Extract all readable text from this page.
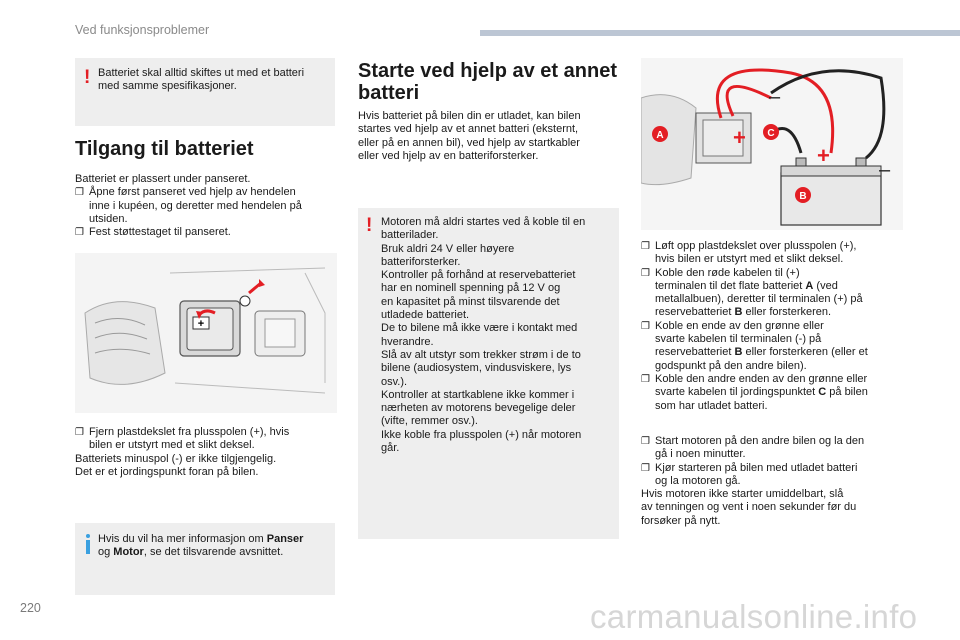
Ved funksjonsproblemer
! Batteriet skal alltid skiftes ut med et batteri
med samme spesifikasjoner.
Tilgang til batteriet
Batteriet er plassert under panseret.
❐ Åpne først panseret ved hjelp av hendelen
inne i kupéen, og deretter med hendelen på
utsiden.
❐ Fest støttestaget til panseret.
+
❐ Fjern plastdekslet fra plusspolen (+), hvis
bilen er utstyrt med et slikt deksel.
Batteriets minuspol (-) er ikke tilgjengelig.
Det er et jordingspunkt foran på bilen.
Hvis du vil ha mer informasjon om Panser
og Motor, se det tilsvarende avsnittet.
Starte ved hjelp av et annet
batteri
Hvis batteriet på bilen din er utladet, kan bilen
startes ved hjelp av et annet batteri (eksternt,
eller på en annen bil), ved hjelp av startkabler
eller ved hjelp av en batteriforsterker.
! Motoren må aldri startes ved å koble til en
batterilader.
Bruk aldri 24 V eller høyere
batteriforsterker.
Kontroller på forhånd at reservebatteriet
har en nominell spenning på 12 V og
en kapasitet på minst tilsvarende det
utladede batteriet.
De to bilene må ikke være i kontakt med
hverandre.
Slå av alt utstyr som trekker strøm i de to
bilene (audiosystem, vindusviskere, lys
osv.).
Kontroller at startkablene ikke kommer i
nærheten av motorens bevegelige deler
(vifte, remmer osv.).
Ikke koble fra plusspolen (+) når motoren
går.
+
+
–
–
A	C
B
❐ Løft opp plastdekslet over plusspolen (+),
hvis bilen er utstyrt med et slikt deksel.
❐ Koble den røde kabelen til (+)
terminalen til det flate batteriet A (ved
metallalbuen), deretter til terminalen (+) på
reservebatteriet B eller forsterkeren.
❐ Koble en ende av den grønne eller
svarte kabelen til terminalen (-) på
reservebatteriet B eller forsterkeren (eller et
godspunkt på den andre bilen).
❐ Koble den andre enden av den grønne eller
svarte kabelen til jordingspunktet C på bilen
som har utladet batteri.
❐ Start motoren på den andre bilen og la den
gå i noen minutter.
❐ Kjør starteren på bilen med utladet batteri
og la motoren gå.
Hvis motoren ikke starter umiddelbart, slå
av tenningen og vent i noen sekunder før du
forsøker på nytt.
220	carmanualsonline.info
